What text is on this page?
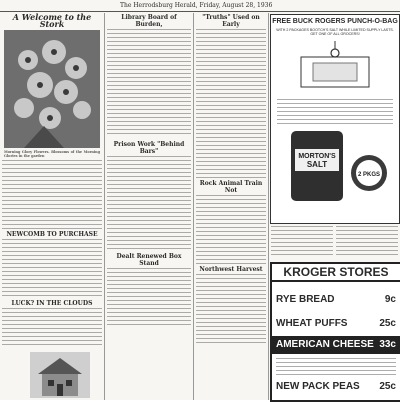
The Herrodsburg Herald, Friday, August 28, 1936
A Welcome to the Stork
Morning Glory Flowers. Blossoms of the Morning Glories in the garden
NEWCOMB TO PURCHASE
LUCK? IN THE CLOUDS
Library Board of Burden,
Prison Work "Behind Bars"
Dealt Renewed Box Stand
"Truths" Used on Early
Rock Animal Train Not
Northwest Harvest
FREE BUCK ROGERS PUNCH-O-BAG
WITH 2 PACKAGES BOOTCH'S SALT WHILE LIMITED SUPPLY LASTS. GET ONE OF ALL GROCERS!
MORTON'S
SALT
2 PKGS
KROGER STORES
RYE BREAD	9c
WHEAT PUFFS	25c
AMERICAN CHEESE 33c
NEW PACK PEAS 25c
